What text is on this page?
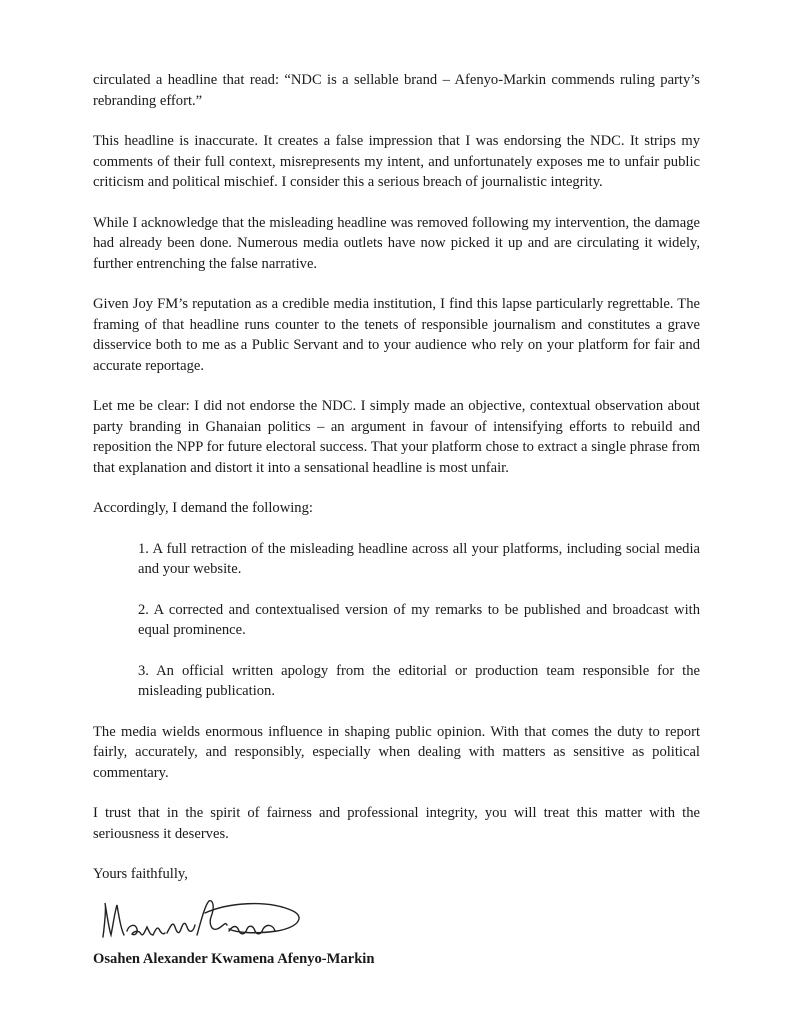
circulated a headline that read: “NDC is a sellable brand – Afenyo-Markin commends ruling party’s rebranding effort.”

This headline is inaccurate. It creates a false impression that I was endorsing the NDC. It strips my comments of their full context, misrepresents my intent, and unfortunately exposes me to unfair public criticism and political mischief. I consider this a serious breach of journalistic integrity.

While I acknowledge that the misleading headline was removed following my intervention, the damage had already been done. Numerous media outlets have now picked it up and are circulating it widely, further entrenching the false narrative.

Given Joy FM’s reputation as a credible media institution, I find this lapse particularly regrettable. The framing of that headline runs counter to the tenets of responsible journalism and constitutes a grave disservice both to me as a Public Servant and to your audience who rely on your platform for fair and accurate reportage.

Let me be clear: I did not endorse the NDC. I simply made an objective, contextual observation about party branding in Ghanaian politics – an argument in favour of intensifying efforts to rebuild and reposition the NPP for future electoral success. That your platform chose to extract a single phrase from that explanation and distort it into a sensational headline is most unfair.

Accordingly, I demand the following:

1. A full retraction of the misleading headline across all your platforms, including social media and your website.

2. A corrected and contextualised version of my remarks to be published and broadcast with equal prominence.

3. An official written apology from the editorial or production team responsible for the misleading publication.

The media wields enormous influence in shaping public opinion. With that comes the duty to report fairly, accurately, and responsibly, especially when dealing with matters as sensitive as political commentary.

I trust that in the spirit of fairness and professional integrity, you will treat this matter with the seriousness it deserves.

Yours faithfully,

Osahen Alexander Kwamena Afenyo-Markin
